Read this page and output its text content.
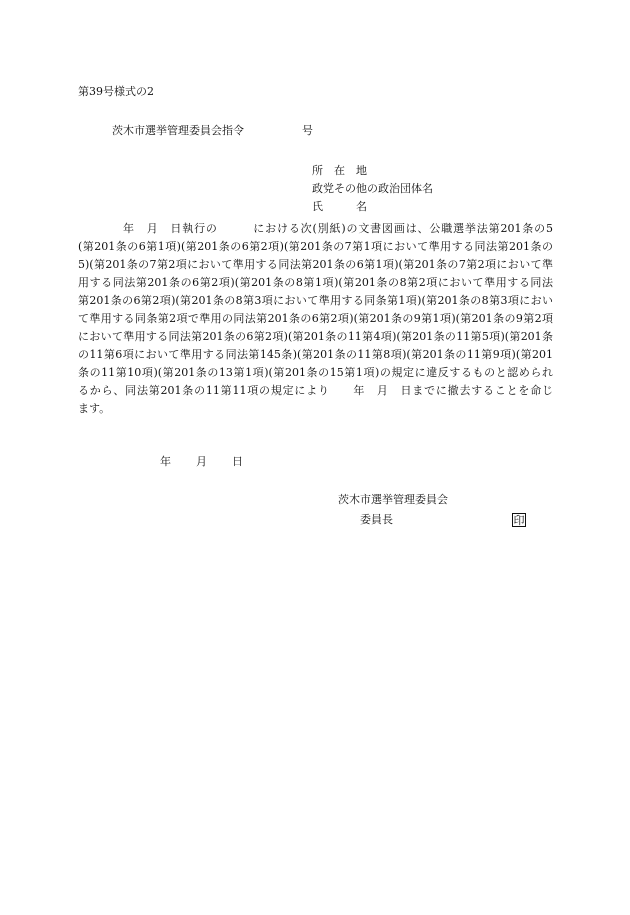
第39号様式の2
茨木市選挙管理委員会指令	号
所　在　地
政党その他の政治団体名
氏　　　名
年　月　日執行の　　　における次(別紙)の文書図画は、公職選挙法第201条の5
(第201条の6第1項)(第201条の6第2項)(第201条の7第1項において準用する同法第201条の
5)(第201条の7第2項において準用する同法第201条の6第1項)(第201条の7第2項において準
用する同法第201条の6第2項)(第201条の8第1項)(第201条の8第2項において準用する同法
第201条の6第2項)(第201条の8第3項において準用する同条第1項)(第201条の8第3項におい
て準用する同条第2項で準用の同法第201条の6第2項)(第201条の9第1項)(第201条の9第2項
において準用する同法第201条の6第2項)(第201条の11第4項)(第201条の11第5項)(第201条
の11第6項において準用する同法第145条)(第201条の11第8項)(第201条の11第9項)(第201
条の11第10項)(第201条の13第1項)(第201条の15第1項)の規定に違反するものと認められ
るから、同法第201条の11第11項の規定により　　年　月　日までに撤去することを命じ
ます。
年 月 日
茨木市選挙管理委員会
委員長	印
